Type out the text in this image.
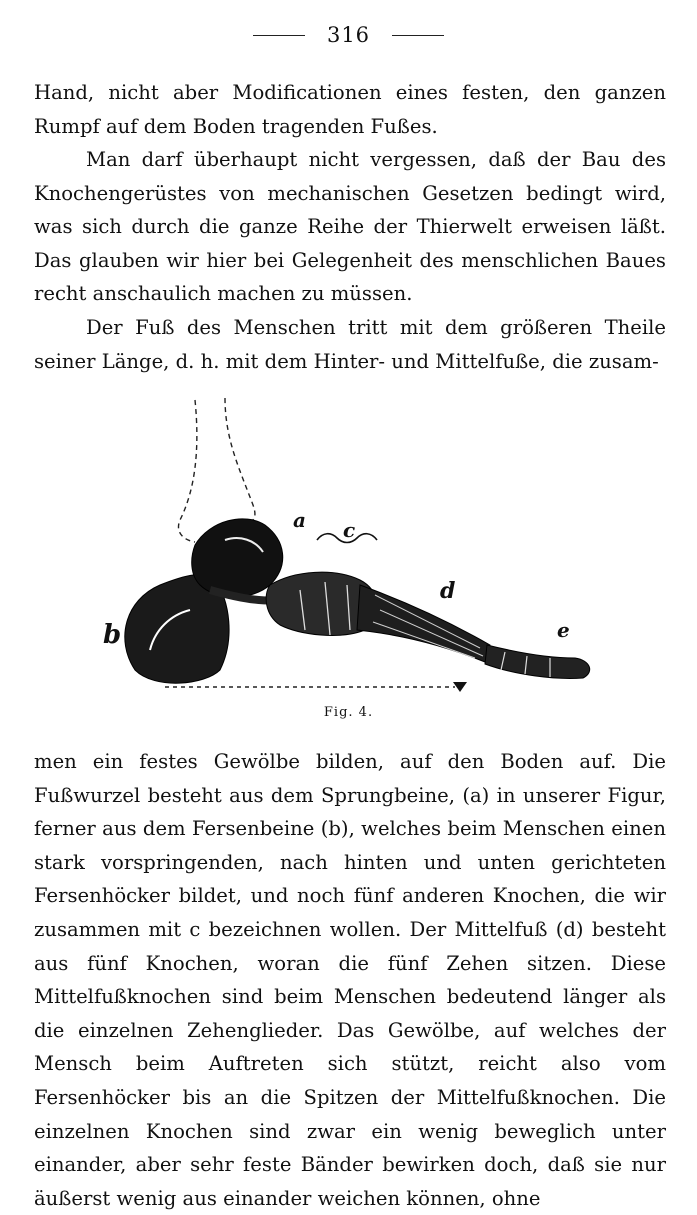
316

Hand, nicht aber Modificationen eines festen, den ganzen Rumpf auf dem Boden tragenden Fußes.

Man darf überhaupt nicht vergessen, daß der Bau des Knochengerüstes von mechanischen Gesetzen bedingt wird, was sich durch die ganze Reihe der Thierwelt erweisen läßt. Das glauben wir hier bei Gelegenheit des menschlichen Baues recht anschaulich machen zu müssen.

Der Fuß des Menschen tritt mit dem größeren Theile seiner Länge, d. h. mit dem Hinter- und Mittelfuße, die zusam-

a
b
c
d
e
Fig. 4.

men ein festes Gewölbe bilden, auf den Boden auf. Die Fußwurzel besteht aus dem Sprungbeine, (a) in unserer Figur, ferner aus dem Fersenbeine (b), welches beim Menschen einen stark vorspringenden, nach hinten und unten gerichteten Fersenhöcker bildet, und noch fünf anderen Knochen, die wir zusammen mit c bezeichnen wollen. Der Mittelfuß (d) besteht aus fünf Knochen, woran die fünf Zehen sitzen. Diese Mittelfußknochen sind beim Menschen bedeutend länger als die einzelnen Zehenglieder. Das Gewölbe, auf welches der Mensch beim Auftreten sich stützt, reicht also vom Fersenhöcker bis an die Spitzen der Mittelfußknochen. Die einzelnen Knochen sind zwar ein wenig beweglich unter einander, aber sehr feste Bänder bewirken doch, daß sie nur äußerst wenig aus einander weichen können, ohne
